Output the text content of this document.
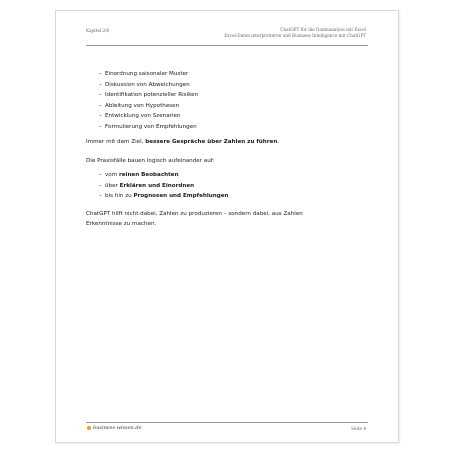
Kapitel 2/6	ChatGPT für die Datenanalyse mit Excel
Excel-Daten interpretieren und Business Intelligence mit ChatGPT
– Einordnung saisonaler Muster
– Diskussion von Abweichungen
– Identifikation potenzieller Risiken
– Ableitung von Hypothesen
– Entwicklung von Szenarien
– Formulierung von Empfehlungen

Immer mit dem Ziel, bessere Gespräche über Zahlen zu führen.

Die Praxisfälle bauen logisch aufeinander auf:

– vom reinen Beobachten
– über Erklären und Einordnen
– bis hin zu Prognosen und Empfehlungen

ChatGPT hilft nicht dabei, Zahlen zu produzieren – sondern dabei, aus Zahlen
Erkenntnisse zu machen.

business-wissen.de	Seite 4
